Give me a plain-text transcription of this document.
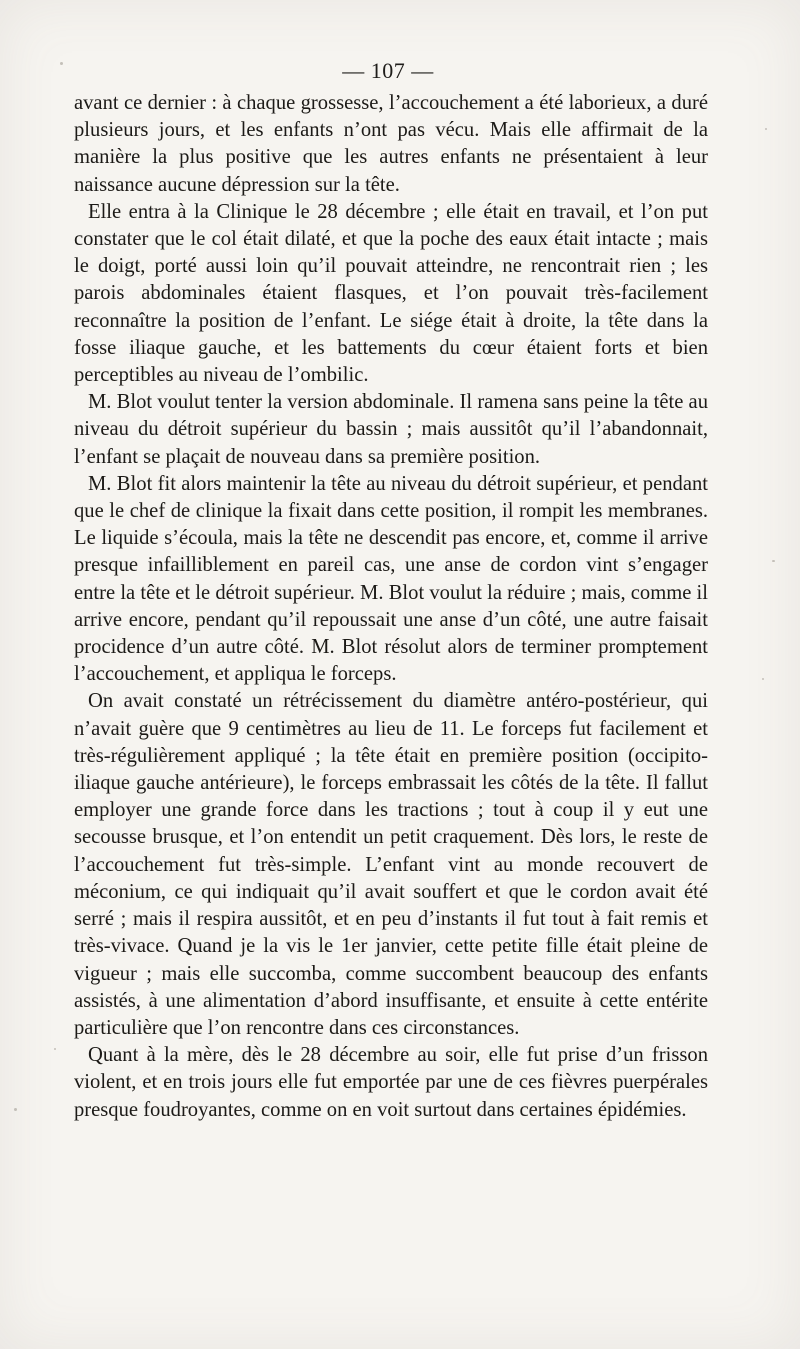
— 107 —

avant ce dernier : à chaque grossesse, l’accouchement a été laborieux, a duré plusieurs jours, et les enfants n’ont pas vécu. Mais elle affirmait de la manière la plus positive que les autres enfants ne présentaient à leur naissance aucune dépression sur la tête.

Elle entra à la Clinique le 28 décembre ; elle était en travail, et l’on put constater que le col était dilaté, et que la poche des eaux était intacte ; mais le doigt, porté aussi loin qu’il pouvait atteindre, ne rencontrait rien ; les parois abdominales étaient flasques, et l’on pouvait très-facilement reconnaître la position de l’enfant. Le siége était à droite, la tête dans la fosse iliaque gauche, et les battements du cœur étaient forts et bien perceptibles au niveau de l’ombilic.

M. Blot voulut tenter la version abdominale. Il ramena sans peine la tête au niveau du détroit supérieur du bassin ; mais aussitôt qu’il l’abandonnait, l’enfant se plaçait de nouveau dans sa première position.

M. Blot fit alors maintenir la tête au niveau du détroit supérieur, et pendant que le chef de clinique la fixait dans cette position, il rompit les membranes. Le liquide s’écoula, mais la tête ne descendit pas encore, et, comme il arrive presque infailliblement en pareil cas, une anse de cordon vint s’engager entre la tête et le détroit supérieur. M. Blot voulut la réduire ; mais, comme il arrive encore, pendant qu’il repoussait une anse d’un côté, une autre faisait procidence d’un autre côté. M. Blot résolut alors de terminer promptement l’accouchement, et appliqua le forceps.

On avait constaté un rétrécissement du diamètre antéro-postérieur, qui n’avait guère que 9 centimètres au lieu de 11. Le forceps fut facilement et très-régulièrement appliqué ; la tête était en première position (occipito-iliaque gauche antérieure), le forceps embrassait les côtés de la tête. Il fallut employer une grande force dans les tractions ; tout à coup il y eut une secousse brusque, et l’on entendit un petit craquement. Dès lors, le reste de l’accouchement fut très-simple. L’enfant vint au monde recouvert de méconium, ce qui indiquait qu’il avait souffert et que le cordon avait été serré ; mais il respira aussitôt, et en peu d’instants il fut tout à fait remis et très-vivace. Quand je la vis le 1er janvier, cette petite fille était pleine de vigueur ; mais elle succomba, comme succombent beaucoup des enfants assistés, à une alimentation d’abord insuffisante, et ensuite à cette entérite particulière que l’on rencontre dans ces circonstances.

Quant à la mère, dès le 28 décembre au soir, elle fut prise d’un frisson violent, et en trois jours elle fut emportée par une de ces fièvres puerpérales presque foudroyantes, comme on en voit surtout dans certaines épidémies.
